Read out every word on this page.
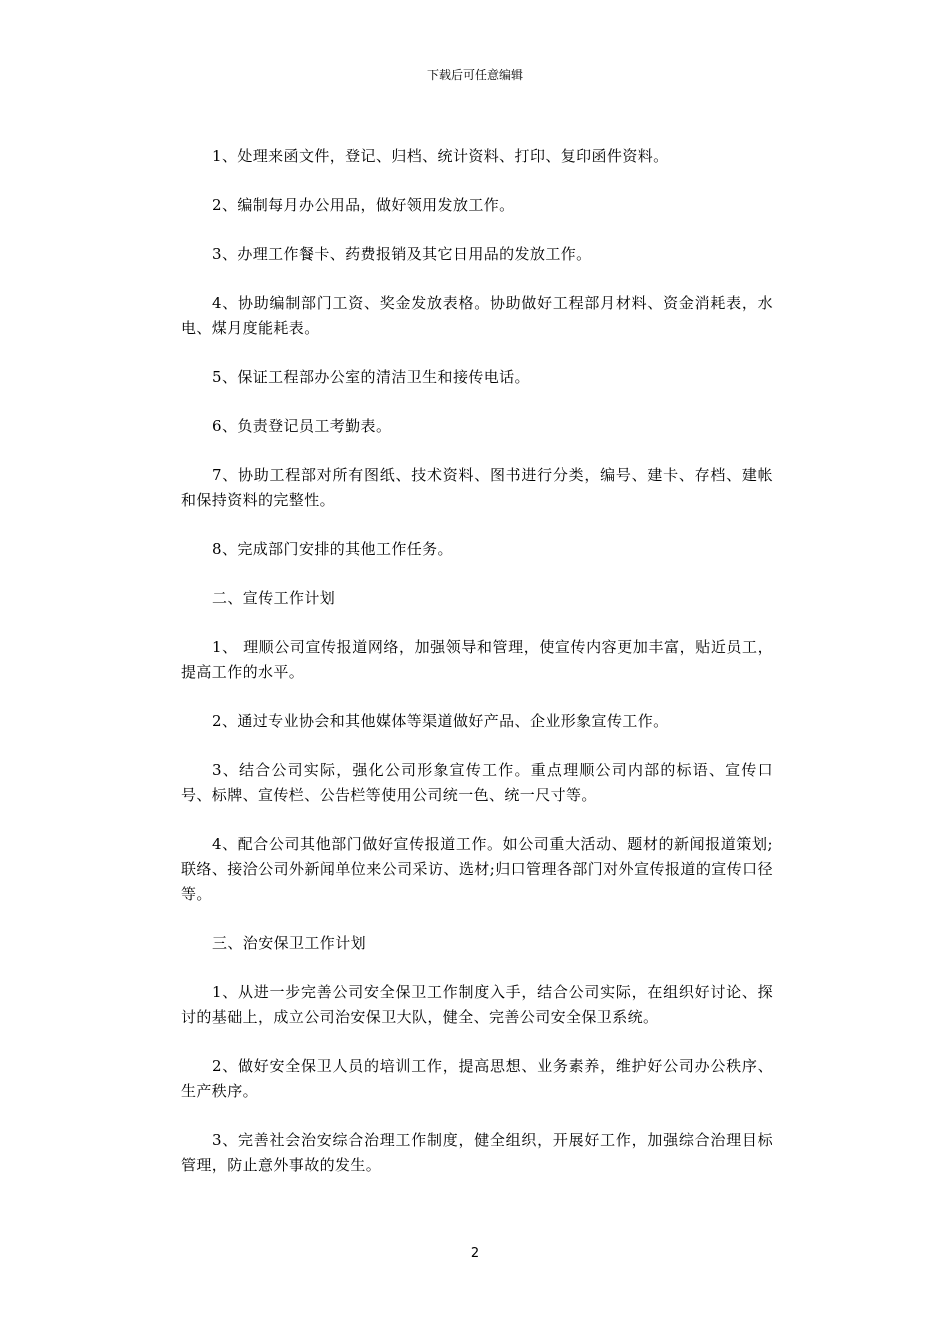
下载后可任意编辑

1、处理来函文件，登记、归档、统计资料、打印、复印函件资料。

2、编制每月办公用品，做好领用发放工作。

3、办理工作餐卡、药费报销及其它日用品的发放工作。

4、协助编制部门工资、奖金发放表格。协助做好工程部月材料、资金消耗表，水电、煤月度能耗表。

5、保证工程部办公室的清洁卫生和接传电话。

6、负责登记员工考勤表。

7、协助工程部对所有图纸、技术资料、图书进行分类，编号、建卡、存档、建帐和保持资料的完整性。

8、完成部门安排的其他工作任务。

二、宣传工作计划

1、 理顺公司宣传报道网络，加强领导和管理，使宣传内容更加丰富，贴近员工，提高工作的水平。

2、通过专业协会和其他媒体等渠道做好产品、企业形象宣传工作。

3、结合公司实际，强化公司形象宣传工作。重点理顺公司内部的标语、宣传口号、标牌、宣传栏、公告栏等使用公司统一色、统一尺寸等。

4、配合公司其他部门做好宣传报道工作。如公司重大活动、题材的新闻报道策划;联络、接洽公司外新闻单位来公司采访、选材;归口管理各部门对外宣传报道的宣传口径等。

三、治安保卫工作计划

1、从进一步完善公司安全保卫工作制度入手，结合公司实际，在组织好讨论、探讨的基础上，成立公司治安保卫大队，健全、完善公司安全保卫系统。

2、做好安全保卫人员的培训工作，提高思想、业务素养，维护好公司办公秩序、生产秩序。

3、完善社会治安综合治理工作制度，健全组织，开展好工作，加强综合治理目标管理，防止意外事故的发生。

2
